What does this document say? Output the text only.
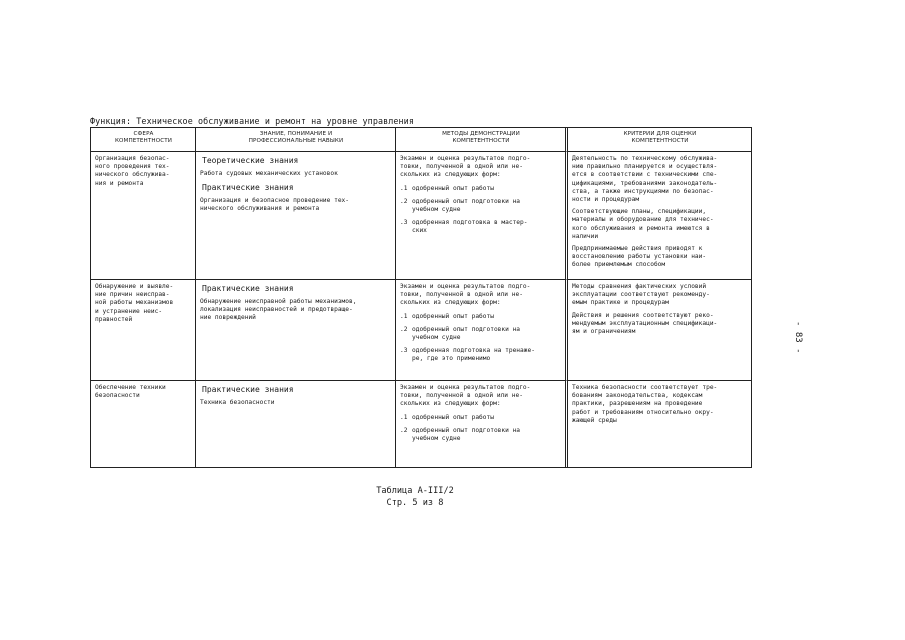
Функция: Техническое обслуживание и ремонт на уровне управления
СФЕРА
КОМПЕТЕНТНОСТИ
ЗНАНИЕ, ПОНИМАНИЕ И
ПРОФЕССИОНАЛЬНЫЕ НАВЫКИ
МЕТОДЫ ДЕМОНСТРАЦИИ
КОМПЕТЕНТНОСТИ
КРИТЕРИИ ДЛЯ ОЦЕНКИ
КОМПЕТЕНТНОСТИ
Организация безопас-
ного проведения тех-
нического обслужива-
ния и ремонта
Теоретические знания
Работа судовых механических установок
Практические знания
Организация и безопасное проведение тех-
нического обслуживания и ремонта
Экзамен и оценка результатов подго-
товки, полученной в одной или не-
скольких из следующих форм:
.1 одобренный опыт работы
.2 одобренный опыт подготовки на
учебном судне
.3 одобренная подготовка в мастер-
ских
Деятельность по техническому обслужива-
нию правильно планируется и осуществля-
ется в соответствии с техническими спе-
цификациями, требованиями законодатель-
ства, а также инструкциями по безопас-
ности и процедурам
Соответствующие планы, спецификации,
материалы и оборудование для техничес-
кого обслуживания и ремонта имеются в
наличии
Предпринимаемые действия приводят к
восстановлению работы установки наи-
более приемлемым способом
Обнаружение и выявле-
ние причин неисправ-
ной работы механизмов
и устранение неис-
правностей
Практические знания
Обнаружение неисправной работы механизмов,
локализация неисправностей и предотвраще-
ние повреждений
Экзамен и оценка результатов подго-
товки, полученной в одной или не-
скольких из следующих форм:
.1 одобренный опыт работы
.2 одобренный опыт подготовки на
учебном судне
.3 одобренная подготовка на тренаже-
ре, где это применимо
Методы сравнения фактических условий
эксплуатации соответствуют рекоменду-
емым практике и процедурам
Действия и решения соответствуют реко-
мендуемым эксплуатационным спецификаци-
ям и ограничениям
Обеспечение техники
безопасности
Практические знания
Техника безопасности
Экзамен и оценка результатов подго-
товки, полученной в одной или не-
скольких из следующих форм:
.1 одобренный опыт работы
.2 одобренный опыт подготовки на
учебном судне
Техника безопасности соответствует тре-
бованиям законодательства, кодексам
практики, разрешениям на проведение
работ и требованиям относительно окру-
жающей среды
Таблица А-III/2
Стр. 5 из 8
- 83 -
